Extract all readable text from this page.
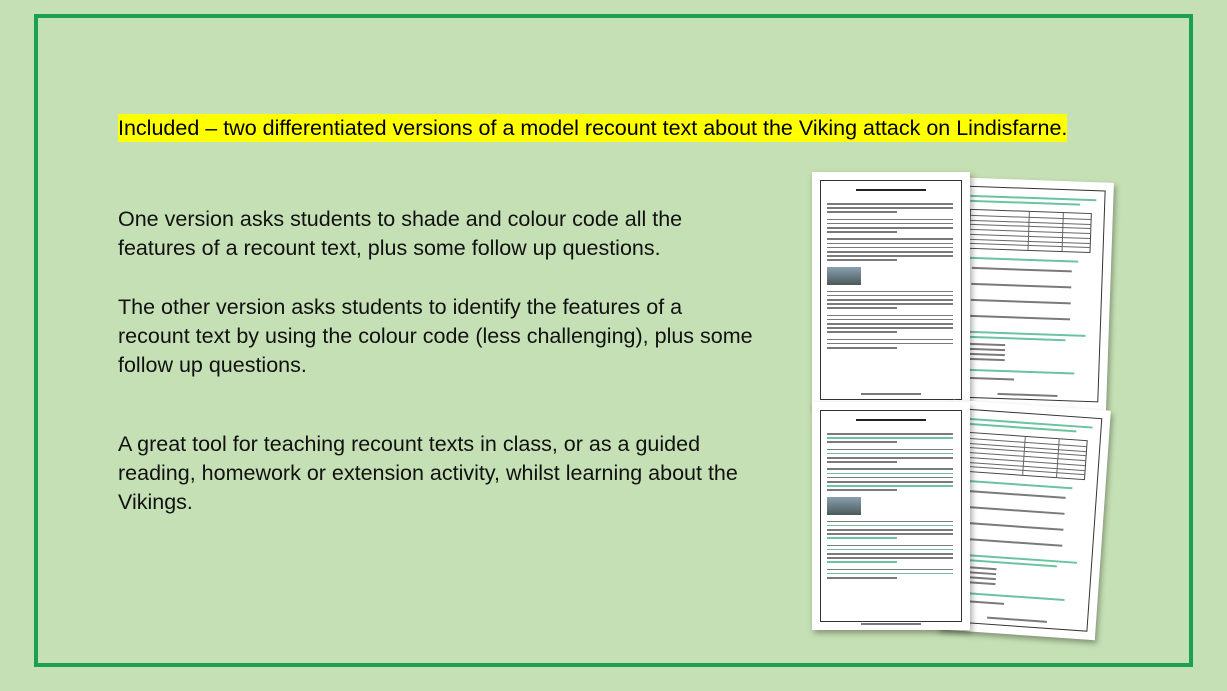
Included – two differentiated versions of a model recount text about the Viking attack on Lindisfarne.
One version asks students to shade and colour code all the features of a recount text, plus some follow up questions.
The other version asks students to identify the features of a recount text by using the colour code (less challenging), plus some follow up questions.
A great tool for teaching recount texts in class, or as a guided reading, homework or extension activity, whilst learning about the Vikings.
